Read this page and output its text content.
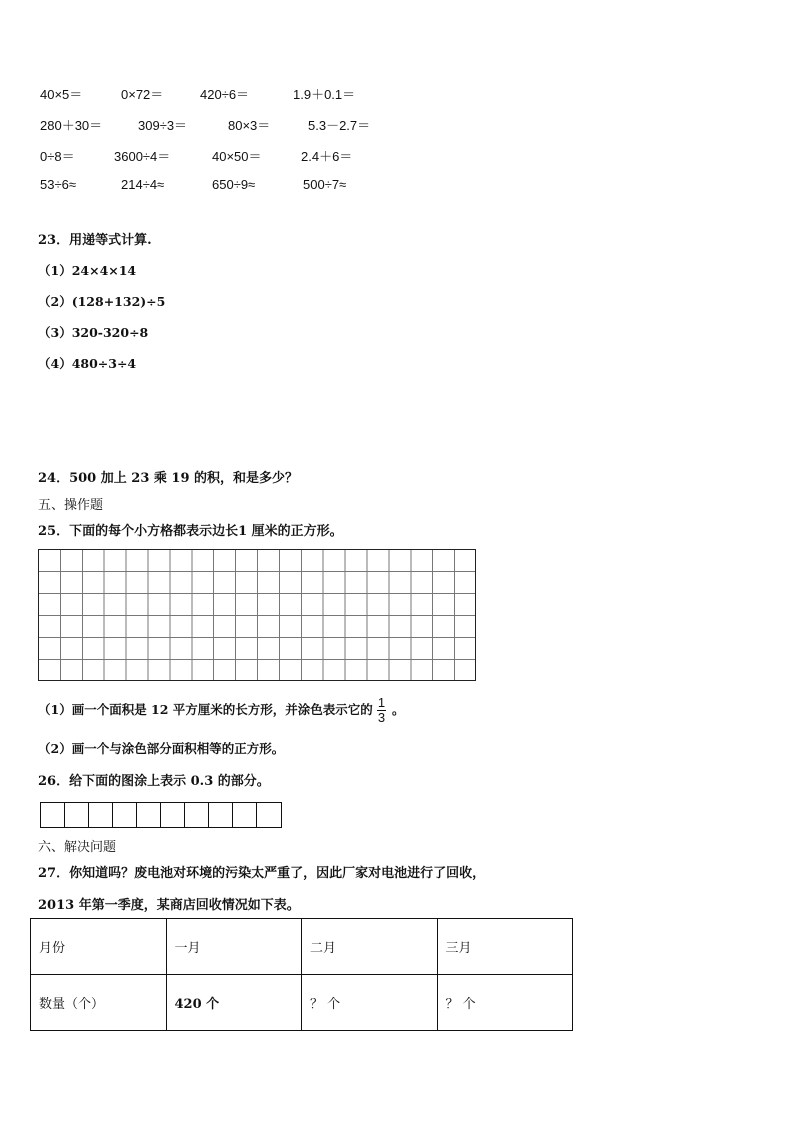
40×5＝	0×72＝	420÷6＝	1.9＋0.1＝
280＋30＝	309÷3＝	80×3＝	5.3－2.7＝
0÷8＝	3600÷4＝	40×50＝	2.4＋6＝
53÷6≈	214÷4≈	650÷9≈	500÷7≈
23．用递等式计算.
（1）24×4×14
（2）(128+132)÷5
（3）320-320÷8
（4）480÷3÷4
24．500 加上 23 乘 19 的积，和是多少？
五、操作题
25．下面的每个小方格都表示边长1 厘米的正方形。
（1）画一个面积是 12 平方厘米的长方形，并涂色表示它的 $\frac{1}{3}$ 。
（2）画一个与涂色部分面积相等的正方形。
26．给下面的图涂上表示 0.3 的部分。
六、解决问题
27．你知道吗？废电池对环境的污染太严重了，因此厂家对电池进行了回收，
2013 年第一季度，某商店回收情况如下表。
月份	一月	二月	三月
数量（个）	420 个	？ 个	？ 个
